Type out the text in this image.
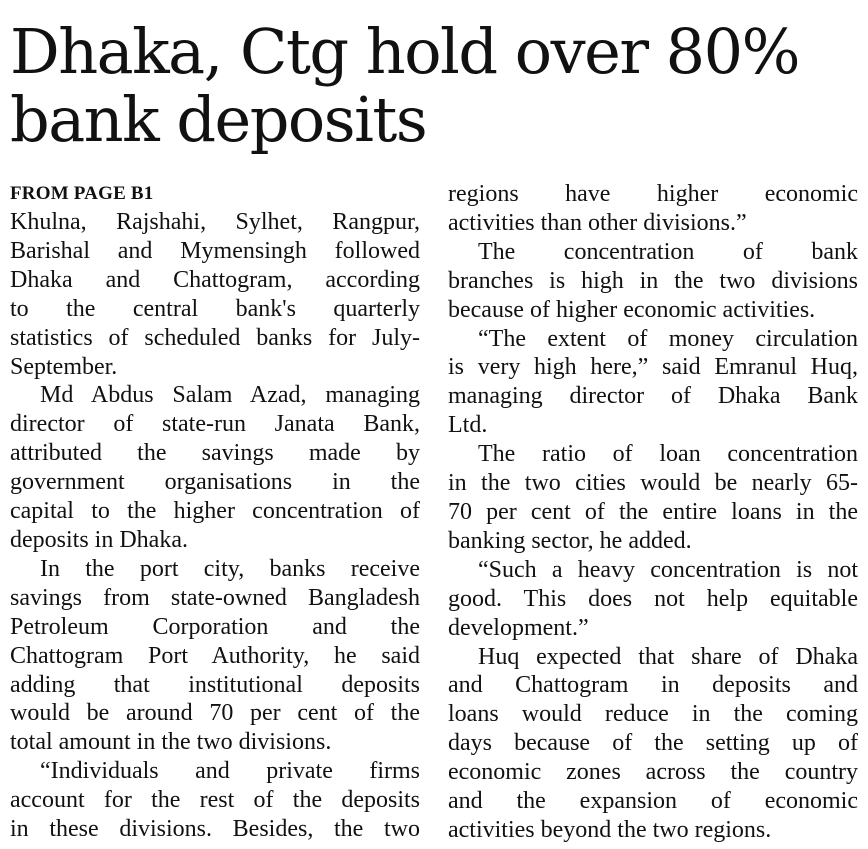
Dhaka, Ctg hold over 80%
bank deposits
FROM PAGE B1
Khulna, Rajshahi, Sylhet, Rangpur,
Barishal and Mymensingh followed
Dhaka and Chattogram, according
to the central bank's quarterly
statistics of scheduled banks for July-
September.
Md Abdus Salam Azad, managing
director of state-run Janata Bank,
attributed the savings made by
government organisations in the
capital to the higher concentration of
deposits in Dhaka.
In the port city, banks receive
savings from state-owned Bangladesh
Petroleum Corporation and the
Chattogram Port Authority, he said
adding that institutional deposits
would be around 70 per cent of the
total amount in the two divisions.
“Individuals and private firms
account for the rest of the deposits
in these divisions. Besides, the two
regions have higher economic
activities than other divisions.”
The concentration of bank
branches is high in the two divisions
because of higher economic activities.
“The extent of money circulation
is very high here,” said Emranul Huq,
managing director of Dhaka Bank
Ltd.
The ratio of loan concentration
in the two cities would be nearly 65-
70 per cent of the entire loans in the
banking sector, he added.
“Such a heavy concentration is not
good. This does not help equitable
development.”
Huq expected that share of Dhaka
and Chattogram in deposits and
loans would reduce in the coming
days because of the setting up of
economic zones across the country
and the expansion of economic
activities beyond the two regions.
